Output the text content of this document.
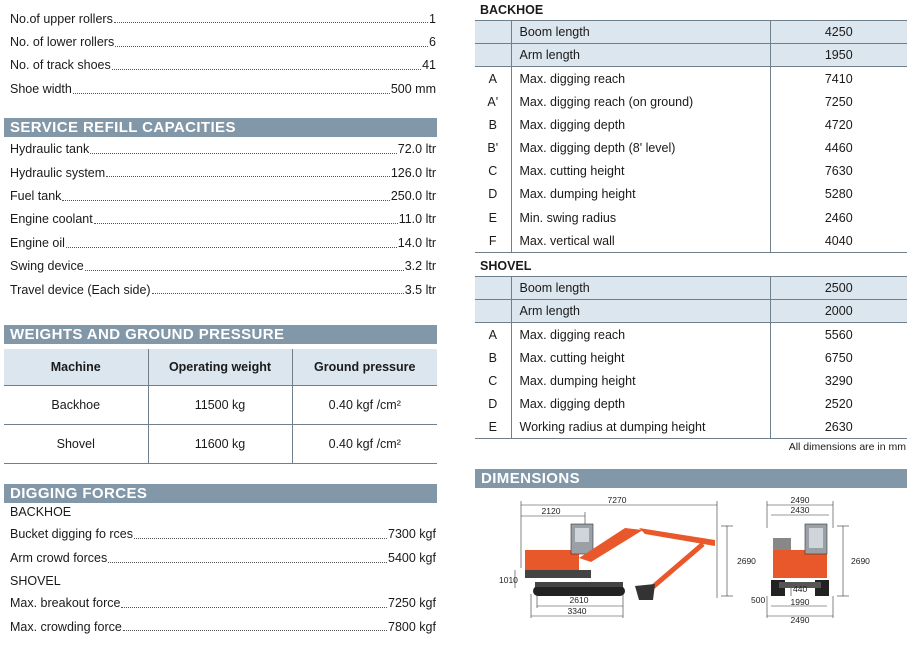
No.of upper rollers	1
No. of lower rollers	6
No. of track shoes	41
Shoe width	500 mm
SERVICE REFILL CAPACITIES
Hydraulic tank	72.0 ltr
Hydraulic system	126.0 ltr
Fuel tank	250.0 ltr
Engine coolant	11.0 ltr
Engine oil	14.0 ltr
Swing device	3.2 ltr
Travel device (Each side)	3.5 ltr
WEIGHTS AND GROUND PRESSURE
Machine	Operating weight	Ground pressure
Backhoe	11500 kg	0.40 kgf /cm²
Shovel	11600 kg	0.40 kgf /cm²
DIGGING FORCES
BACKHOE
Bucket digging fo rces	7300 kgf
Arm crowd forces	5400 kgf
SHOVEL
Max. breakout force	7250 kgf
Max. crowding force	7800 kgf
BACKHOE
	Boom length	4250
	Arm length	1950
A	Max. digging reach	7410
A'	Max. digging reach (on ground)	7250
B	Max. digging depth	4720
B'	Max. digging depth (8' level)	4460
C	Max. cutting height	7630
D	Max. dumping height	5280
E	Min. swing radius	2460
F	Max. vertical wall	4040
SHOVEL
	Boom length	2500
	Arm length	2000
A	Max. digging reach	5560
B	Max. cutting height	6750
C	Max. dumping height	3290
D	Max. digging depth	2520
E	Working radius at dumping height	2630
All dimensions are in mm
DIMENSIONS
7270
2120
2690
1010
2610
3340
2490
2430
2690
440
500	1990
2490
